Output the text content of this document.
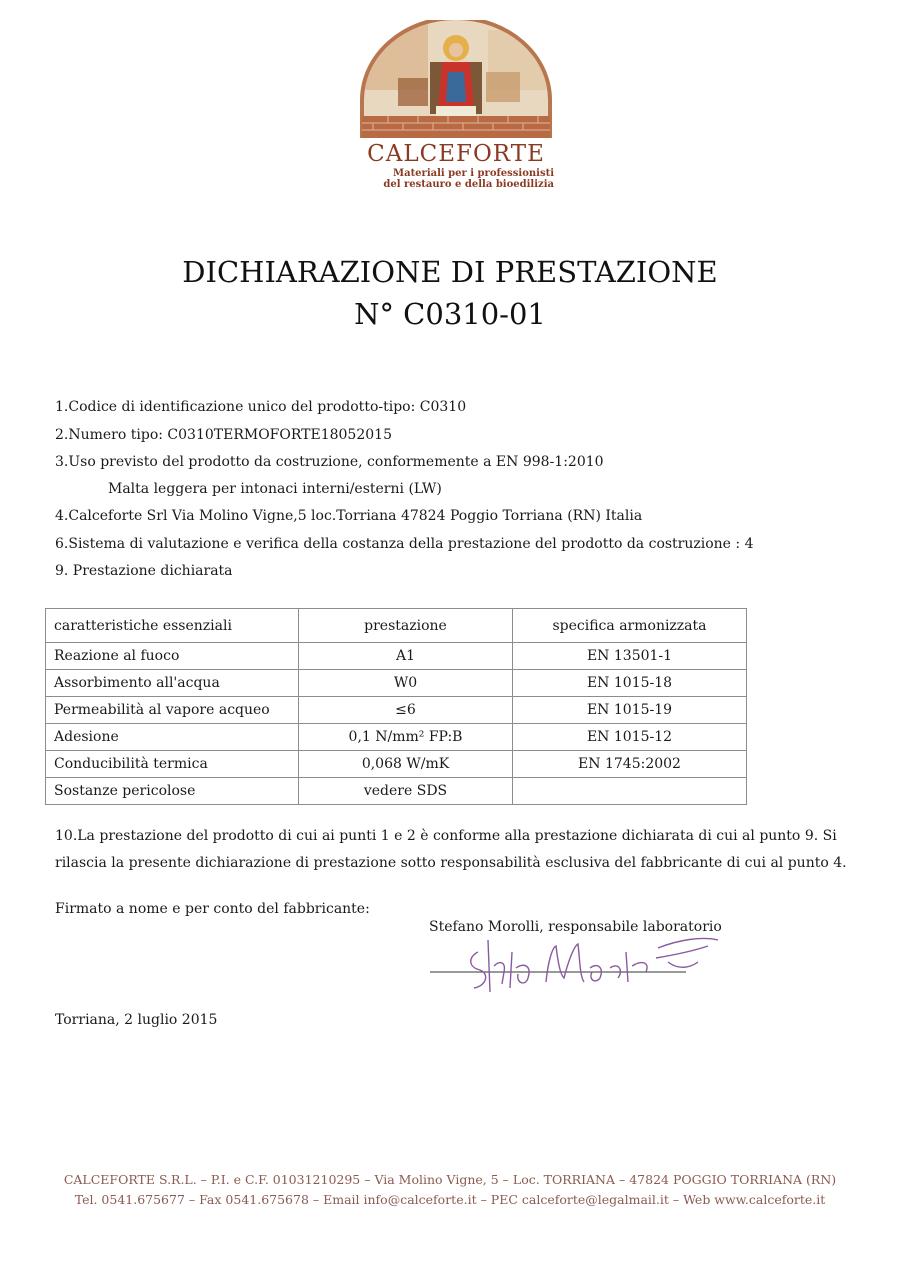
CALCEFORTE
Materiali per i professionisti
del restauro e della bioedilizia
DICHIARAZIONE DI PRESTAZIONE
N° C0310-01
1.Codice di identificazione unico del prodotto-tipo: C0310
2.Numero tipo: C0310TERMOFORTE18052015
3.Uso previsto del prodotto da costruzione, conformemente a EN 998-1:2010
Malta leggera per intonaci interni/esterni (LW)
4.Calceforte Srl Via Molino Vigne,5 loc.Torriana 47824 Poggio Torriana (RN) Italia
6.Sistema di valutazione e verifica della costanza della prestazione del prodotto da costruzione : 4
9. Prestazione dichiarata
caratteristiche essenziali	prestazione	specifica armonizzata
Reazione al fuoco	A1	EN 13501-1
Assorbimento all'acqua	W0	EN 1015-18
Permeabilità al vapore acqueo	≤6	EN 1015-19
Adesione	0,1 N/mm² FP:B	EN 1015-12
Conducibilità termica	0,068 W/mK	EN 1745:2002
Sostanze pericolose	vedere SDS	
10.La prestazione del prodotto di cui ai punti 1 e 2 è conforme alla prestazione dichiarata di cui al punto 9. Si rilascia la presente dichiarazione di prestazione sotto responsabilità esclusiva del fabbricante di cui al punto 4.
Firmato a nome e per conto del fabbricante:
Stefano Morolli, responsabile laboratorio
Torriana, 2 luglio 2015
CALCEFORTE S.R.L. – P.I. e C.F. 01031210295 – Via Molino Vigne, 5 – Loc. TORRIANA – 47824 POGGIO TORRIANA (RN)
Tel. 0541.675677 – Fax 0541.675678 – Email info@calceforte.it – PEC calceforte@legalmail.it – Web www.calceforte.it
